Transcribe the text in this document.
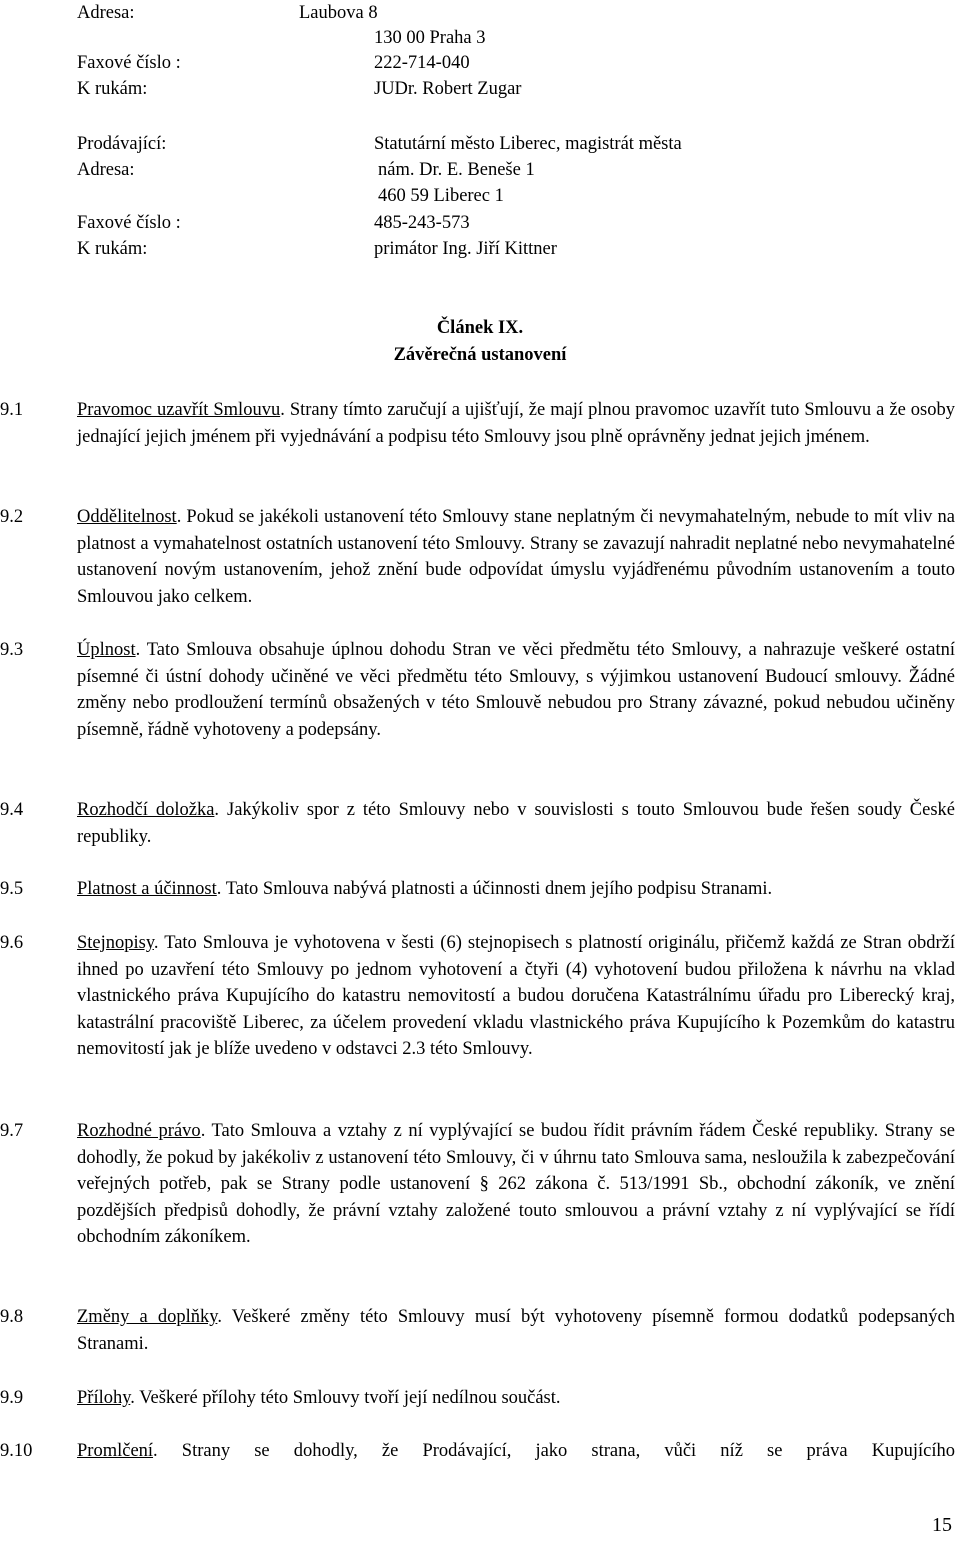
Adresa:	Laubova 8
130 00 Praha 3
Faxové číslo :	222-714-040
K rukám:	JUDr. Robert Zugar
Prodávající:	Statutární město Liberec, magistrát města
Adresa:	nám. Dr. E. Beneše 1
460 59 Liberec 1
Faxové číslo :	485-243-573
K rukám:	primátor Ing. Jiří Kittner
Článek IX.
Závěrečná ustanovení
9.1	Pravomoc uzavřít Smlouvu. Strany tímto zaručují a ujišťují, že mají plnou pravomoc uzavřít tuto Smlouvu a že osoby jednající jejich jménem při vyjednávání a podpisu této Smlouvy jsou plně oprávněny jednat jejich jménem.
9.2	Oddělitelnost. Pokud se jakékoli ustanovení této Smlouvy stane neplatným či nevymahatelným, nebude to mít vliv na platnost a vymahatelnost ostatních ustanovení této Smlouvy. Strany se zavazují nahradit neplatné nebo nevymahatelné ustanovení novým ustanovením, jehož znění bude odpovídat úmyslu vyjádřenému původním ustanovením a touto Smlouvou jako celkem.
9.3	Úplnost. Tato Smlouva obsahuje úplnou dohodu Stran ve věci předmětu této Smlouvy, a nahrazuje veškeré ostatní písemné či ústní dohody učiněné ve věci předmětu této Smlouvy, s výjimkou ustanovení Budoucí smlouvy. Žádné změny nebo prodloužení termínů obsažených v této Smlouvě nebudou pro Strany závazné, pokud nebudou učiněny písemně, řádně vyhotoveny a podepsány.
9.4	Rozhodčí doložka. Jakýkoliv spor z této Smlouvy nebo v souvislosti s touto Smlouvou bude řešen soudy České republiky.
9.5	Platnost a účinnost. Tato Smlouva nabývá platnosti a účinnosti dnem jejího podpisu Stranami.
9.6	Stejnopisy. Tato Smlouva je vyhotovena v šesti (6) stejnopisech s platností originálu, přičemž každá ze Stran obdrží ihned po uzavření této Smlouvy po jednom vyhotovení a čtyři (4) vyhotovení budou přiložena k návrhu na vklad vlastnického práva Kupujícího do katastru nemovitostí a budou doručena Katastrálnímu úřadu pro Liberecký kraj, katastrální pracoviště Liberec, za účelem provedení vkladu vlastnického práva Kupujícího k Pozemkům do katastru nemovitostí jak je blíže uvedeno v odstavci 2.3 této Smlouvy.
9.7	Rozhodné právo. Tato Smlouva a vztahy z ní vyplývající se budou řídit právním řádem České republiky. Strany se dohodly, že pokud by jakékoliv z ustanovení této Smlouvy, či v úhrnu tato Smlouva sama, nesloužila k zabezpečování veřejných potřeb, pak se Strany podle ustanovení § 262 zákona č. 513/1991 Sb., obchodní zákoník, ve znění pozdějších předpisů dohodly, že právní vztahy založené touto smlouvou a právní vztahy z ní vyplývající se řídí obchodním zákoníkem.
9.8	Změny a doplňky. Veškeré změny této Smlouvy musí být vyhotoveny písemně formou dodatků podepsaných Stranami.
9.9	Přílohy. Veškeré přílohy této Smlouvy tvoří její nedílnou součást.
9.10 Promlčení. Strany se dohodly, že Prodávající, jako strana, vůči níž se práva Kupujícího
15
